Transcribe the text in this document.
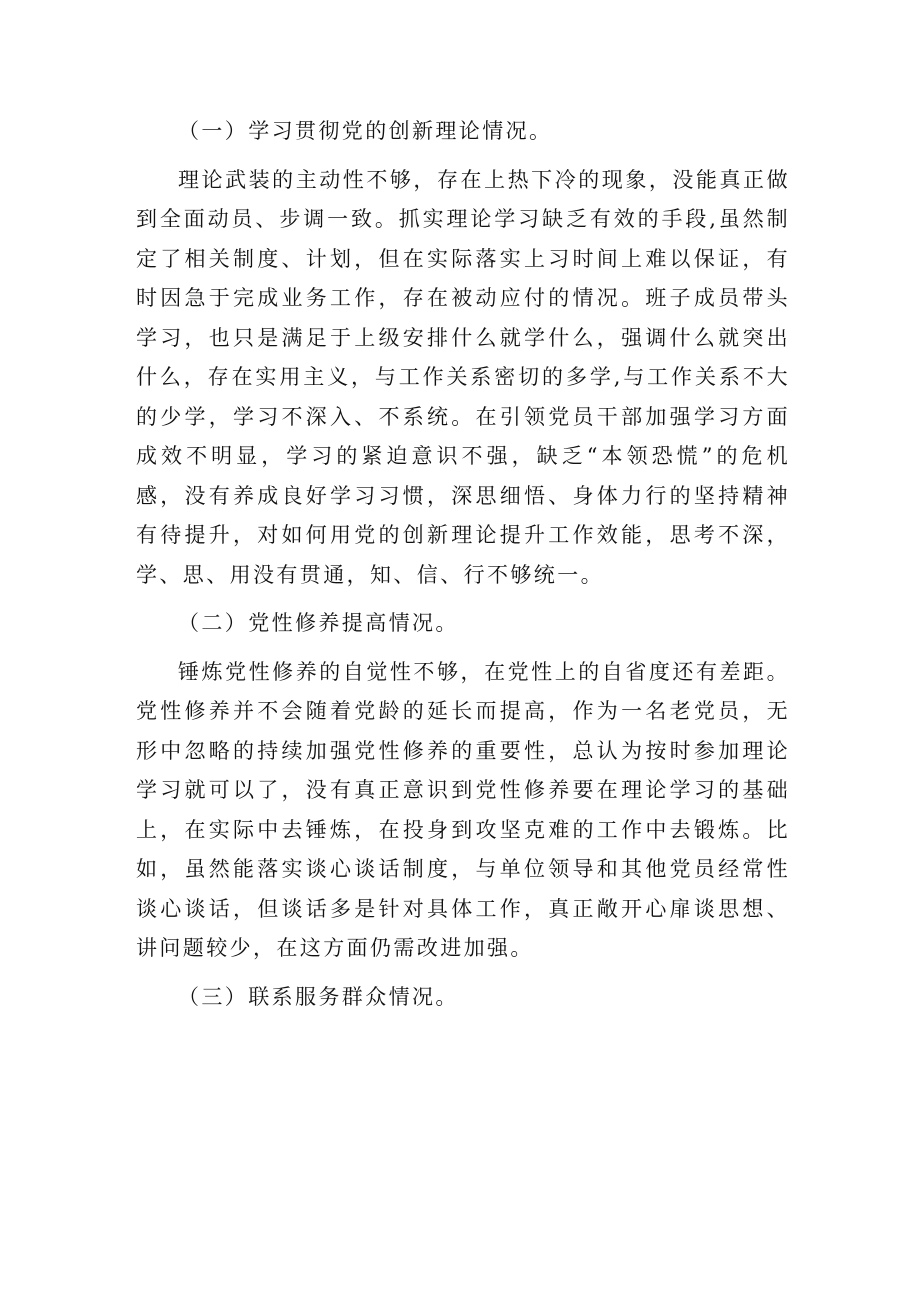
（一）学习贯彻党的创新理论情况。

理论武装的主动性不够，存在上热下冷的现象，没能真正做到全面动员、步调一致。抓实理论学习缺乏有效的手段,虽然制定了相关制度、计划，但在实际落实上习时间上难以保证，有时因急于完成业务工作，存在被动应付的情况。班子成员带头学习，也只是满足于上级安排什么就学什么，强调什么就突出什么，存在实用主义，与工作关系密切的多学,与工作关系不大的少学，学习不深入、不系统。在引领党员干部加强学习方面成效不明显，学习的紧迫意识不强，缺乏“本领恐慌”的危机感，没有养成良好学习习惯，深思细悟、身体力行的坚持精神有待提升，对如何用党的创新理论提升工作效能，思考不深，学、思、用没有贯通，知、信、行不够统一。

（二）党性修养提高情况。

锤炼党性修养的自觉性不够，在党性上的自省度还有差距。党性修养并不会随着党龄的延长而提高，作为一名老党员，无形中忽略的持续加强党性修养的重要性，总认为按时参加理论学习就可以了，没有真正意识到党性修养要在理论学习的基础上，在实际中去锤炼，在投身到攻坚克难的工作中去锻炼。比如，虽然能落实谈心谈话制度，与单位领导和其他党员经常性谈心谈话，但谈话多是针对具体工作，真正敞开心扉谈思想、讲问题较少，在这方面仍需改进加强。

（三）联系服务群众情况。
